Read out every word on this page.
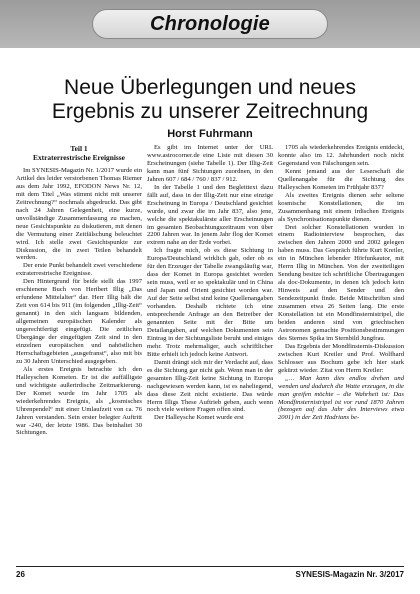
Chronologie
Neue Überlegungen und neues
Ergebnis zu unserer Zeitrechnung
Horst Fuhrmann
Teil 1
Extraterrestrische Ereignisse

Im SYNESIS-Magazin Nr. 1/2017 wurde ein Artikel des leider verstorbenen Thomas Riemer aus dem Jahr 1992, EFODON News Nr. 12, mit dem Titel „Was stimmt nicht mit unserer Zeitrechnung?“ nochmals abgedruckt. Das gibt nach 24 Jahren Gelegenheit, eine kurze, unvollständige Zusammenfassung zu machen, neue Gesichtspunkte zu diskutieren, mit denen die Vermutung einer Zeitfälschung beleuchtet wird. Ich stelle zwei Gesichtspunkte zur Diskussion, die in zwei Teilen behandelt werden.

Der erste Punkt behandelt zwei verschiedene extraterrestrische Ereignisse.

Den Hintergrund für beide stellt das 1997 erschienene Buch von Heribert Illig „Das erfundene Mittelalter“ dar. Herr Illig hält die Zeit von 614 bis 911 (im folgenden „Illig-Zeit“ genannt) in den sich langsam bildenden, allgemeinen europäischen Kalender als ungerechtfertigt eingefügt. Die zeitlichen Übergänge der eingefügten Zeit sind in den einzelnen europäischen und nahöstlichen Herrschaftsgebieten „ausgefranst“, also mit bis zu 30 Jahren Unterschied ausgegeben.

Als erstes Ereignis betrachte ich den Halleyschen Kometen. Er ist die auffälligste und wichtigste außerirdische Zeitmarkierung. Der Komet wurde im Jahr 1705 als wiederkehrendes Ereignis, als „kosmisches Uhrenpendel“ mit einer Umlaufzeit von ca. 76 Jahren verstanden. Sein erster belegter Auftritt war -240, der letzte 1986. Das beinhaltet 30 Sichtungen.

Es gibt im Internet unter der URL www.astrocorner.de eine Liste mit diesen 30 Erscheinungen (siehe Tabelle 1). Der Illig-Zeit kann man fünf Sichtungen zuordnen, in den Jahren 607 / 684 / 760 / 837 / 912.

In der Tabelle 1 und den Begleittext dazu fällt auf, dass in der Illig-Zeit nur eine einzige Erscheinung in Europa / Deutschland gesichtet wurde, und zwar die im Jahr 837, also jene, welche die spektakulärste aller Erscheinungen im gesamten Beobachtungszeitraum von über 2200 Jahren war. In jenem Jahr flog der Komet extrem nahe an der Erde vorbei.

Ich fragte mich, ob es diese Sichtung in Europa/Deutschland wirklich gab, oder ob es für den Erzeuger der Tabelle zwangsläufig war, dass der Komet in Europa gesichtet worden sein muss, weil er so spektakulär und in China und Japan und Orient gesichtet worden war. Auf der Seite selbst sind keine Quellenangaben vorhanden. Deshalb richtete ich eine entsprechende Anfrage an den Betreiber der genannten Seite mit der Bitte um Detailangaben, auf welchen Dokumenten sein Eintrag in der Sichtungsliste beruht und einiges mehr. Trotz mehrmaliger, auch schriftlicher Bitte erhielt ich jedoch keine Antwort.

Damit drängt sich mir der Verdacht auf, dass es die Sichtung gar nicht gab. Wenn man in der gesamten Illig-Zeit keine Sichtung in Europa nachgewiesen werden kann, ist es naheliegend, dass diese Zeit nicht existierte. Das würde Herrn Illigs These Auftrieb geben, auch wenn noch viele weitere Fragen offen sind.

Der Halleysche Komet wurde erst

1705 als wiederkehrendes Ereignis entdeckt, konnte also im 12. Jahrhundert noch nicht Gegenstand von Fälschungen sein.

Kennt jemand aus der Leserschaft die Quellenangabe für die Sichtung des Halleyschen Kometen im Frühjahr 837?

Als zweites Ereignis dienen sehr seltene kosmische Konstellationen, die im Zusammenhang mit einem irdischen Ereignis als Synchronisationspunkte dienen.

Drei solcher Konstellationen wurden in einem Radiointerview besprochen, das zwischen den Jahren 2000 und 2002 gelegen haben muss. Das Gespräch führte Kurt Kreiler, ein in München lebender Hörfunkautor, mit Herrn Illig in München. Von der zweiteiligen Sendung besitze ich schriftliche Übertragungen als doc-Dokumente, in denen ich jedoch kein Hinweis auf den Sender und den Sendezeitpunkt finde. Beide Mitschriften sind zusammen etwa 26 Seiten lang. Die erste Konstellation ist ein Mondfinsternistripel, die beiden anderen sind von griechischen Astronomen gemachte Positionsbestimmungen des Sternes Spika im Sternbild Jungfrau.

Das Ergebnis der Mondfinsternis-Diskussion zwischen Kurt Kreiler und Prof. Wolfhard Schlosser aus Bochum gebe ich hier stark gekürzt wieder. Zitat von Herrn Kreiler:

„… Man kann dies endlos drehen und wenden und dadurch die Watte erzeugen, in die man greifen möchte – die Wahrheit ist: Das Mondfinsternistripel ist vor rund 1870 Jahren (bezogen auf das Jahr des Interviews etwa 2001) in der Zeit Hadrians be-

26	SYNESIS-Magazin Nr. 3/2017
